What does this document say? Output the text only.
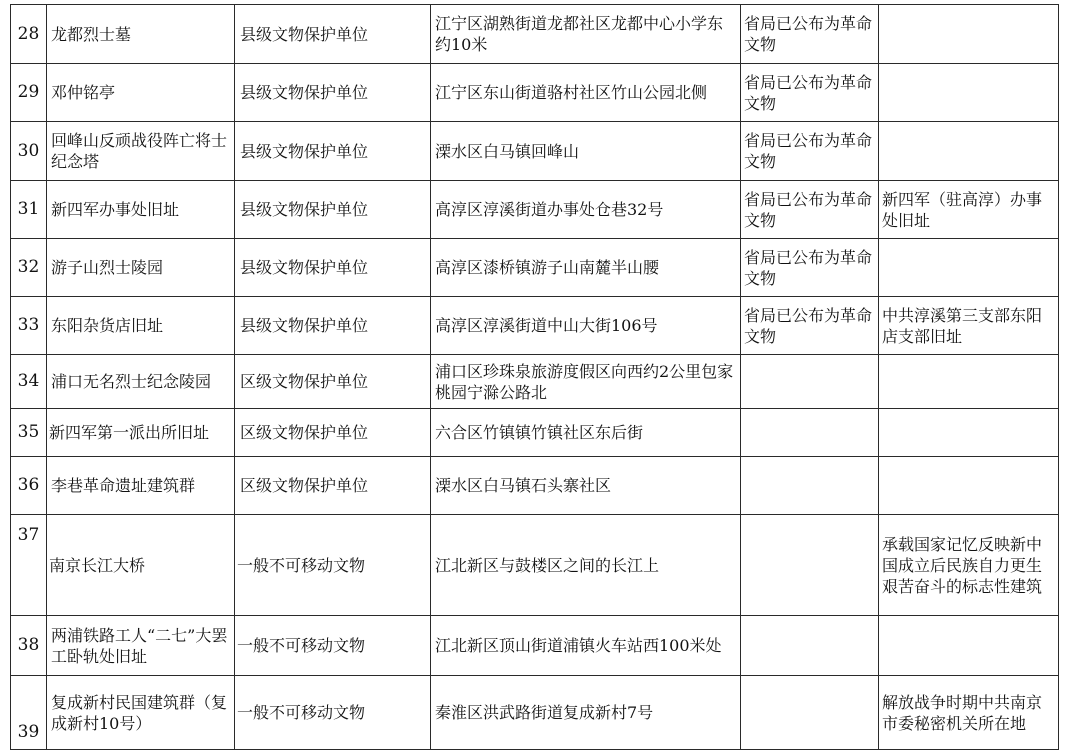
28	龙都烈士墓	县级文物保护单位	江宁区湖熟街道龙都社区龙都中心小学东约10米	省局已公布为革命文物	
29	邓仲铭亭	县级文物保护单位	江宁区东山街道骆村社区竹山公园北侧	省局已公布为革命文物	
30	回峰山反顽战役阵亡将士纪念塔	县级文物保护单位	溧水区白马镇回峰山	省局已公布为革命文物	
31	新四军办事处旧址	县级文物保护单位	高淳区淳溪街道办事处仓巷32号	省局已公布为革命文物	新四军（驻高淳）办事处旧址
32	游子山烈士陵园	县级文物保护单位	高淳区漆桥镇游子山南麓半山腰	省局已公布为革命文物	
33	东阳杂货店旧址	县级文物保护单位	高淳区淳溪街道中山大街106号	省局已公布为革命文物	中共淳溪第三支部东阳店支部旧址
34	浦口无名烈士纪念陵园	区级文物保护单位	浦口区珍珠泉旅游度假区向西约2公里包家桃园宁滁公路北		
35	新四军第一派出所旧址	区级文物保护单位	六合区竹镇镇竹镇社区东后街		
36	李巷革命遗址建筑群	区级文物保护单位	溧水区白马镇石头寨社区		
37	南京长江大桥	一般不可移动文物	江北新区与鼓楼区之间的长江上		承载国家记忆反映新中国成立后民族自力更生艰苦奋斗的标志性建筑
38	两浦铁路工人“二七”大罢工卧轨处旧址	一般不可移动文物	江北新区顶山街道浦镇火车站西100米处		
39	复成新村民国建筑群（复成新村10号）	一般不可移动文物	秦淮区洪武路街道复成新村7号		解放战争时期中共南京市委秘密机关所在地
